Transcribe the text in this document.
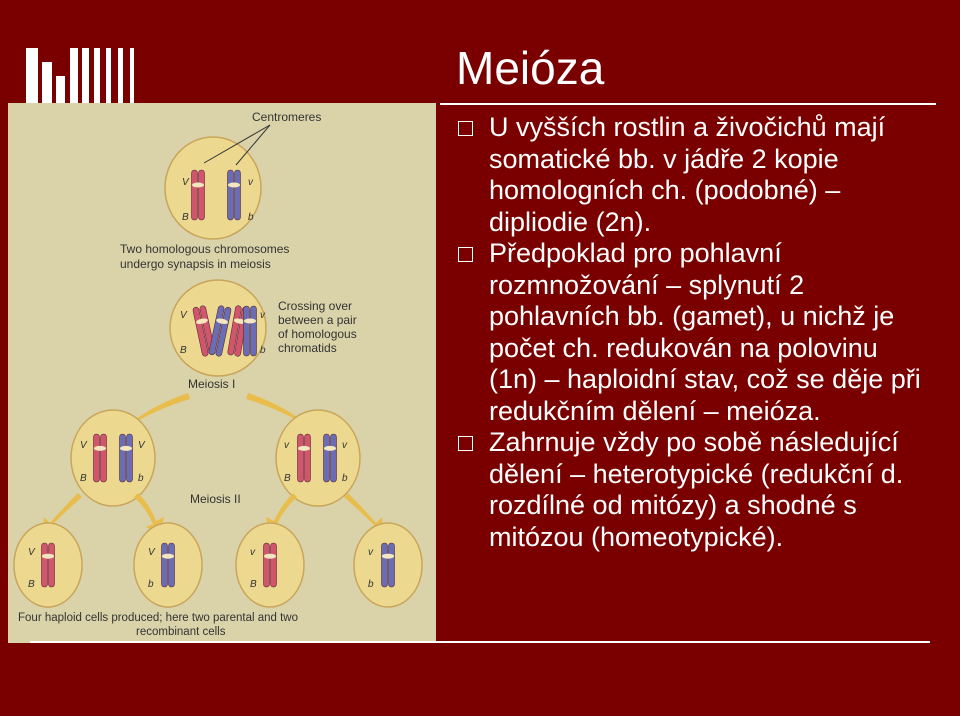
Meióza
Centromeres
V
B
v
b
Two homologous chromosomes
undergo synapsis in meiosis
V
B
v
b
Crossing over
between a pair
of homologous
chromatids
Meiosis I
V
B
V
b
v
B
v
b
Meiosis II
V
B
V
b
v
B
v
b
Four haploid cells produced; here two parental and two
recombinant cells
U vyšších rostlin a živočichů mají somatické bb. v jádře 2 kopie homologních ch. (podobné) – dipliodie (2n).
Předpoklad pro pohlavní rozmnožování – splynutí 2 pohlavních bb. (gamet), u nichž je počet ch. redukován na polovinu (1n) – haploidní stav, což se děje při redukčním dělení – meióza.
Zahrnuje vždy po sobě následující dělení – heterotypické (redukční d. rozdílné od mitózy) a shodné s mitózou (homeotypické).
